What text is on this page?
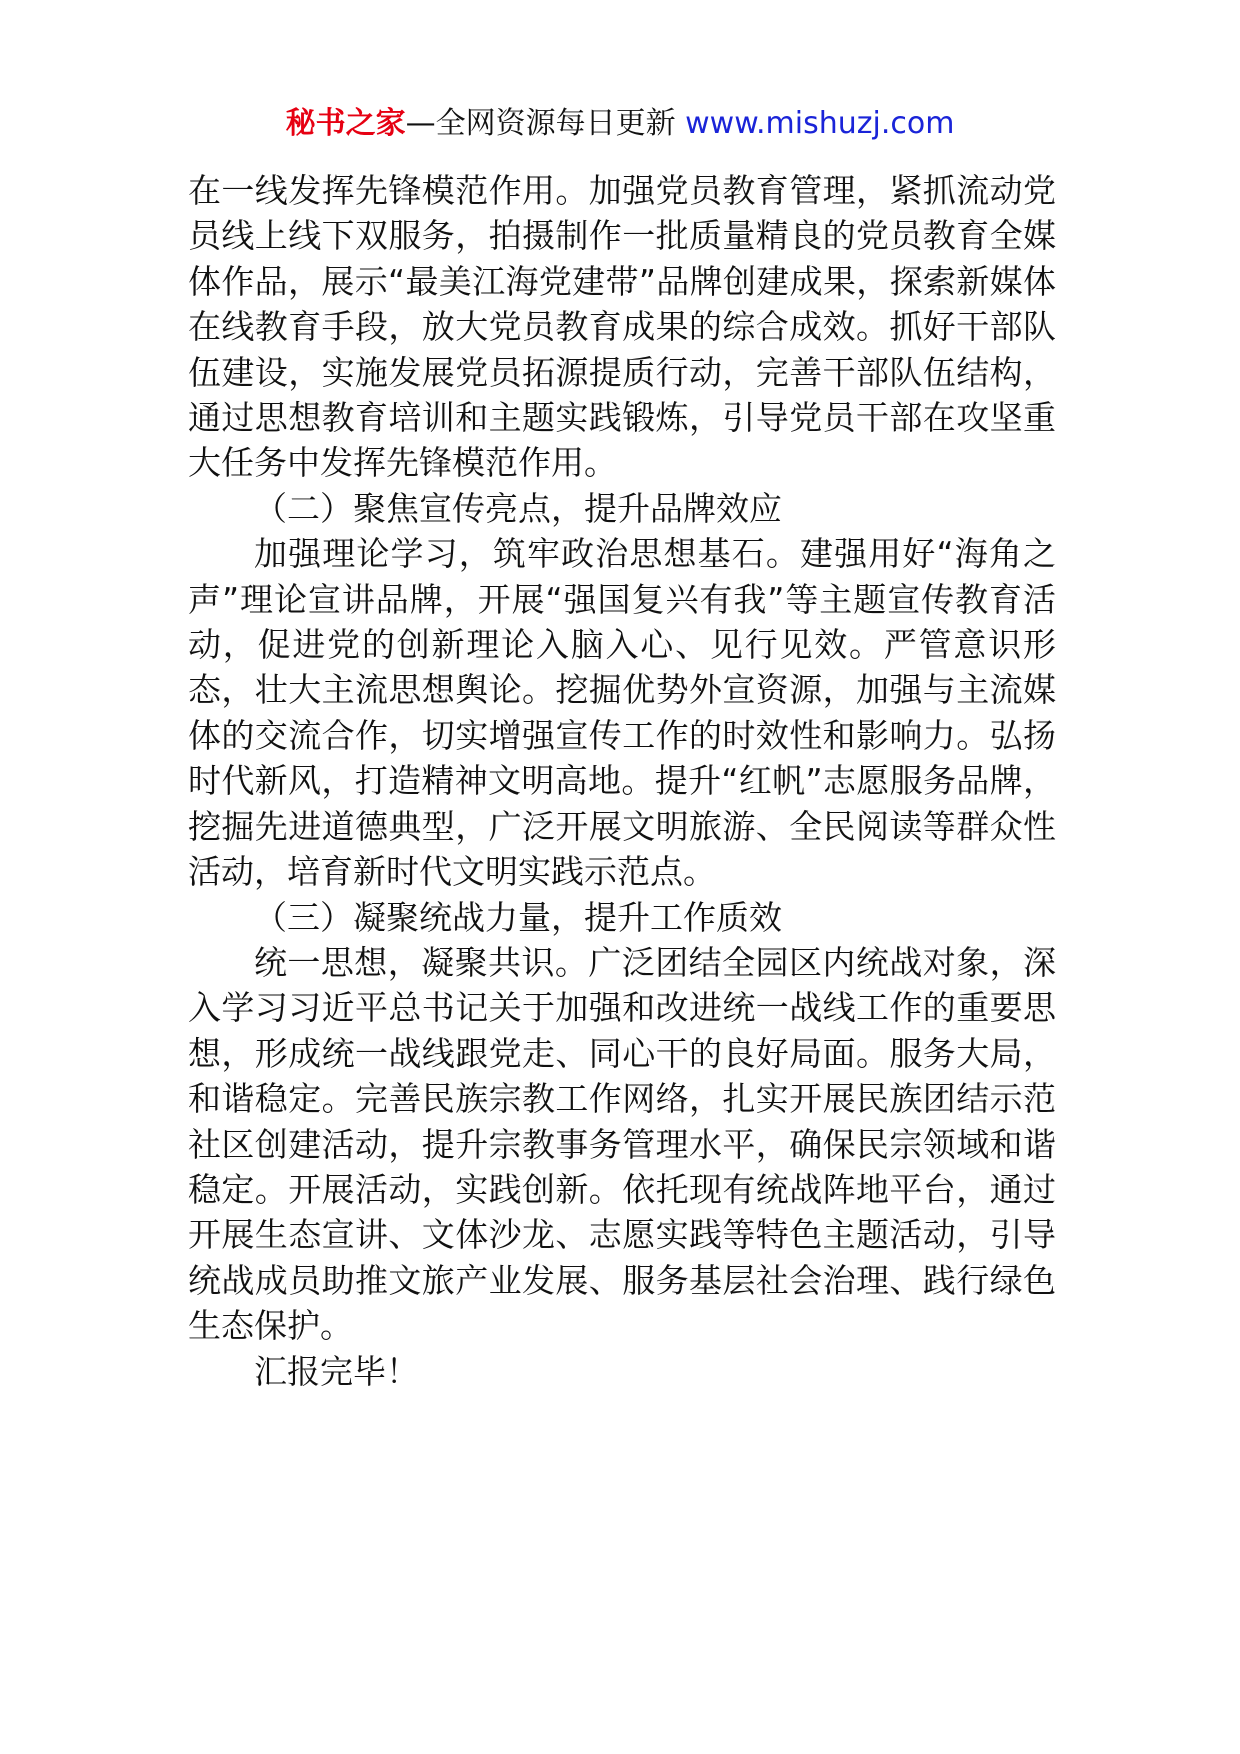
秘书之家—全网资源每日更新 www.mishuzj.com

在一线发挥先锋模范作用。加强党员教育管理，紧抓流动党员线上线下双服务，拍摄制作一批质量精良的党员教育全媒体作品，展示“最美江海党建带”品牌创建成果，探索新媒体在线教育手段，放大党员教育成果的综合成效。抓好干部队伍建设，实施发展党员拓源提质行动，完善干部队伍结构，通过思想教育培训和主题实践锻炼，引导党员干部在攻坚重大任务中发挥先锋模范作用。

（二）聚焦宣传亮点，提升品牌效应

加强理论学习，筑牢政治思想基石。建强用好“海角之声”理论宣讲品牌，开展“强国复兴有我”等主题宣传教育活动，促进党的创新理论入脑入心、见行见效。严管意识形态，壮大主流思想舆论。挖掘优势外宣资源，加强与主流媒体的交流合作，切实增强宣传工作的时效性和影响力。弘扬时代新风，打造精神文明高地。提升“红帆”志愿服务品牌，挖掘先进道德典型，广泛开展文明旅游、全民阅读等群众性活动，培育新时代文明实践示范点。

（三）凝聚统战力量，提升工作质效

统一思想，凝聚共识。广泛团结全园区内统战对象，深入学习习近平总书记关于加强和改进统一战线工作的重要思想，形成统一战线跟党走、同心干的良好局面。服务大局，和谐稳定。完善民族宗教工作网络，扎实开展民族团结示范社区创建活动，提升宗教事务管理水平，确保民宗领域和谐稳定。开展活动，实践创新。依托现有统战阵地平台，通过开展生态宣讲、文体沙龙、志愿实践等特色主题活动，引导统战成员助推文旅产业发展、服务基层社会治理、践行绿色生态保护。

汇报完毕！
